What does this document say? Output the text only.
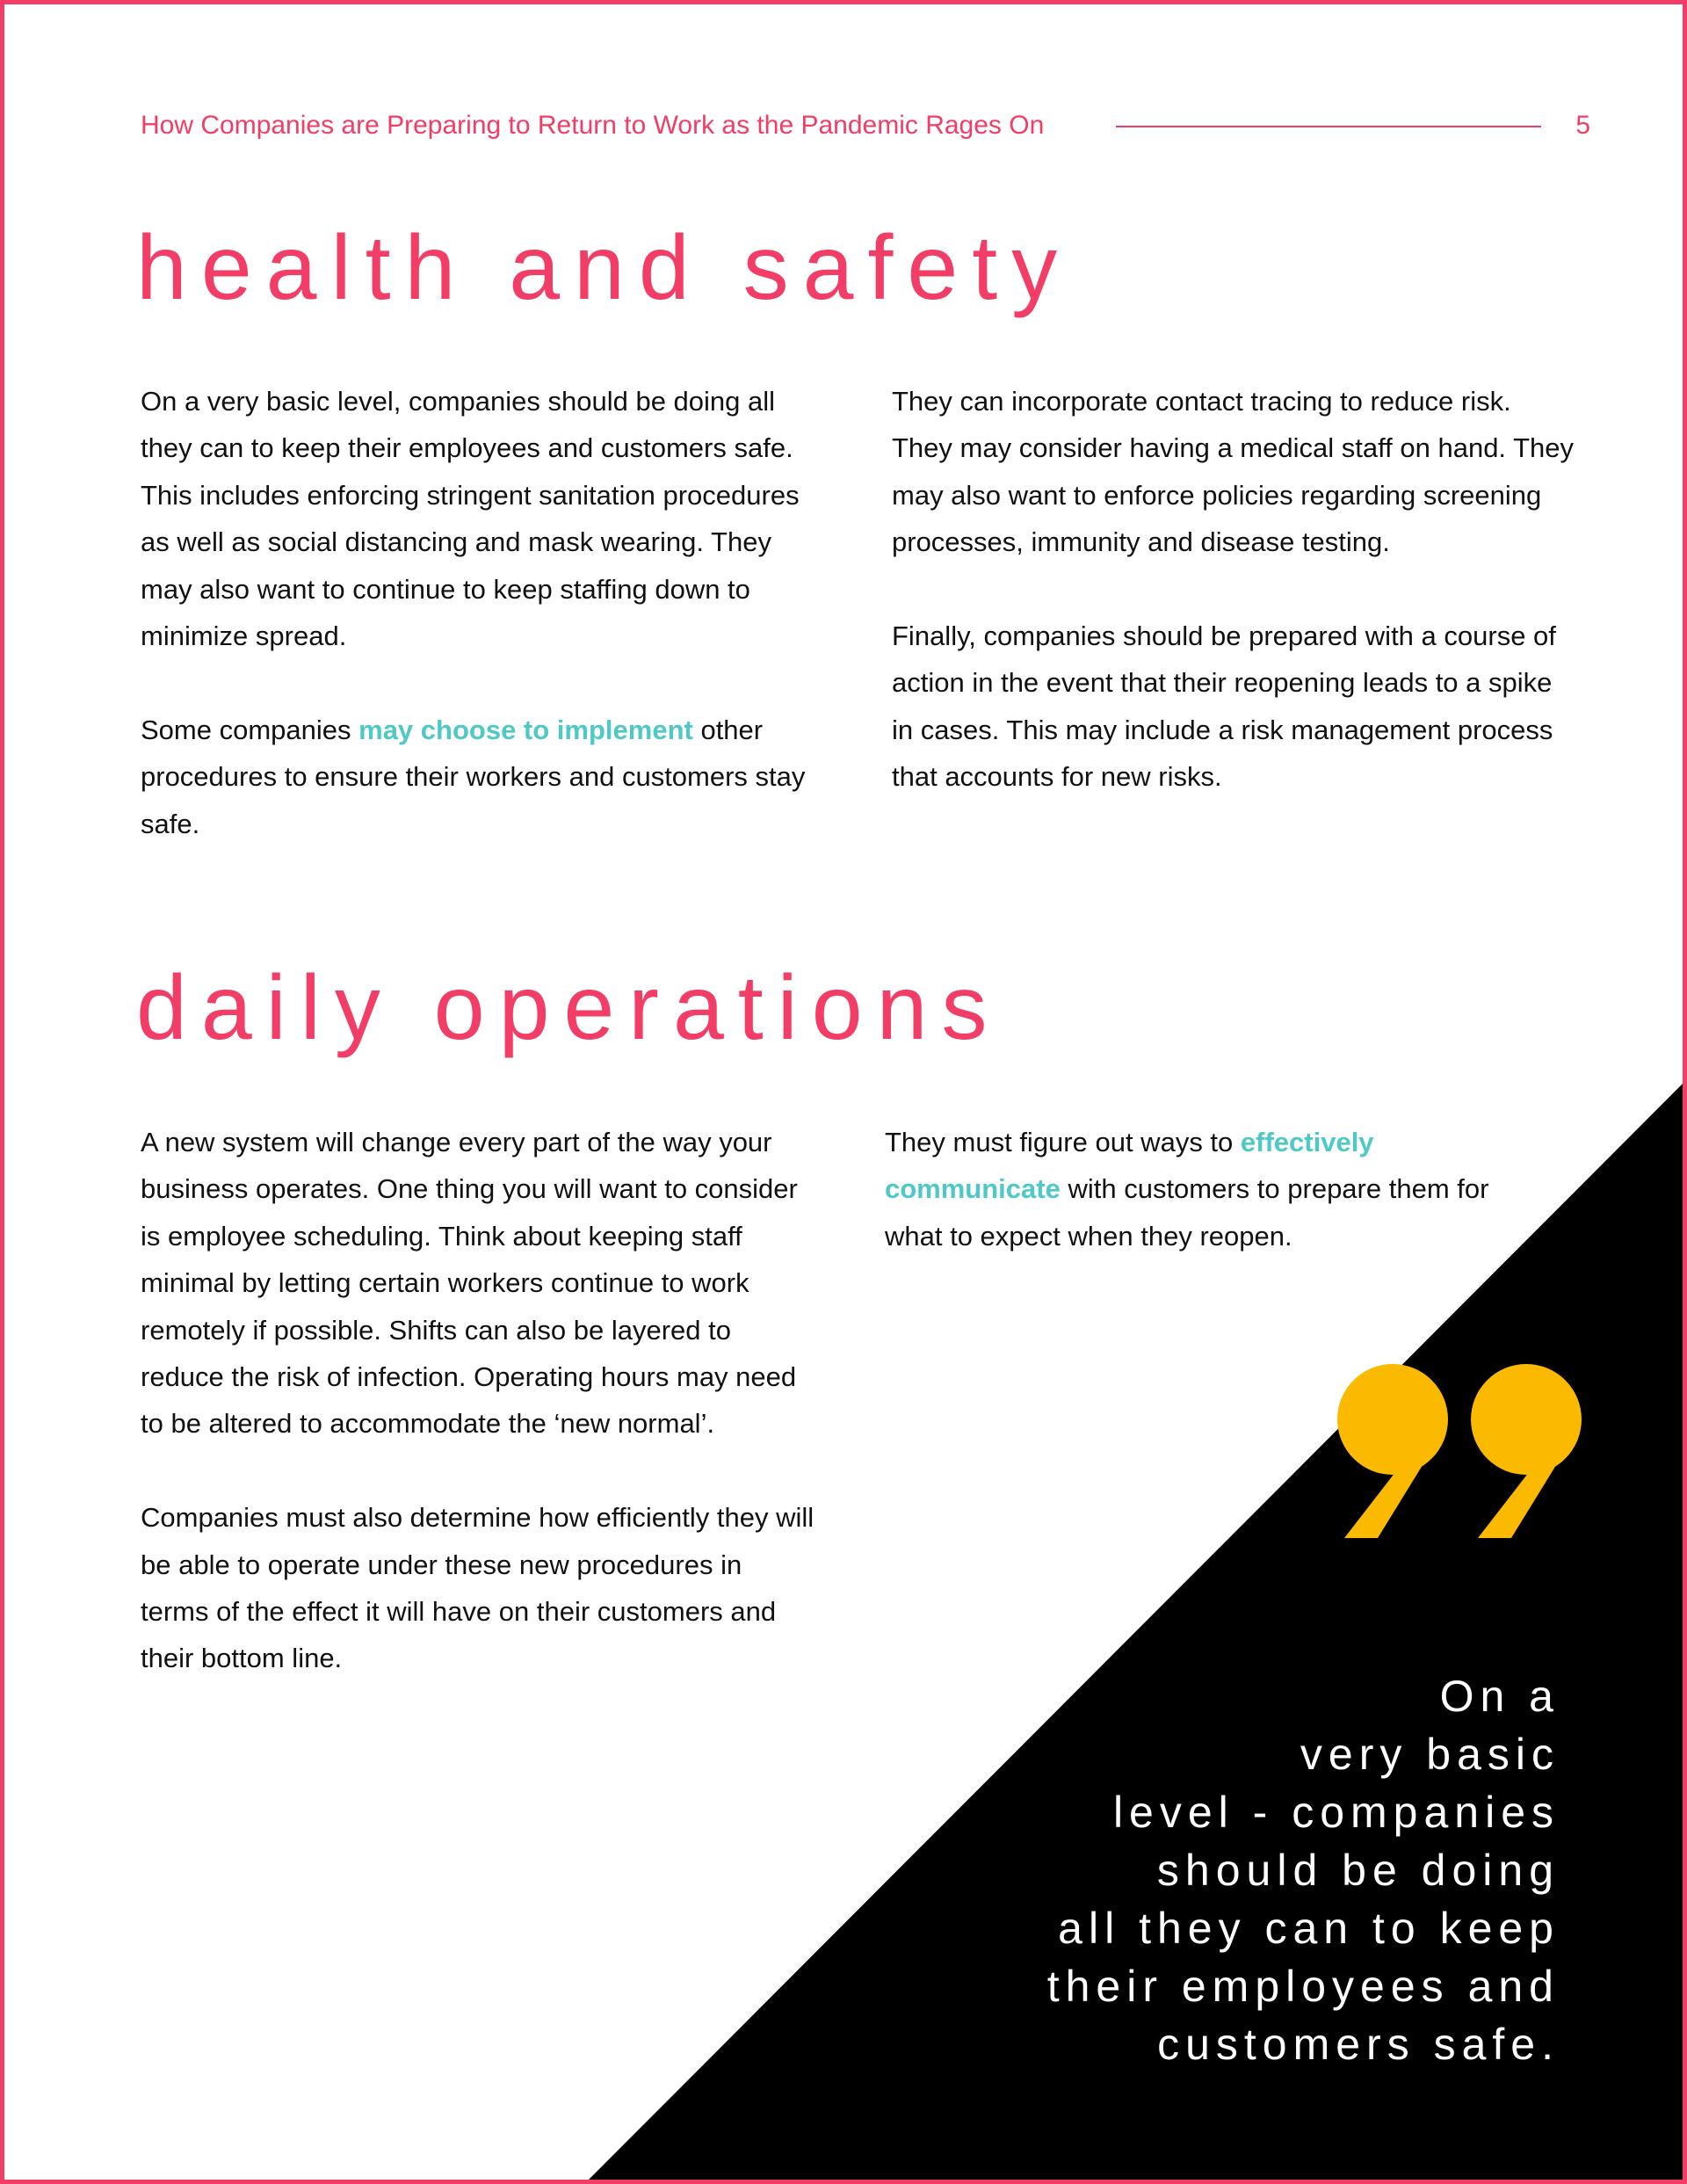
How Companies are Preparing to Return to Work as the Pandemic Rages On	5
health and safety

On a very basic level, companies should be doing all they can to keep their employees and customers safe. This includes enforcing stringent sanitation procedures as well as social distancing and mask wearing. They may also want to continue to keep staffing down to minimize spread.

Some companies may choose to implement other procedures to ensure their workers and customers stay safe.

They can incorporate contact tracing to reduce risk. They may consider having a medical staff on hand. They may also want to enforce policies regarding screening processes, immunity and disease testing.

Finally, companies should be prepared with a course of action in the event that their reopening leads to a spike in cases. This may include a risk management process that accounts for new risks.

daily operations

A new system will change every part of the way your business operates. One thing you will want to consider is employee scheduling. Think about keeping staff minimal by letting certain workers continue to work remotely if possible. Shifts can also be layered to reduce the risk of infection. Operating hours may need to be altered to accommodate the ‘new normal’.

Companies must also determine how efficiently they will be able to operate under these new procedures in terms of the effect it will have on their customers and their bottom line.

They must figure out ways to effectively communicate with customers to prepare them for what to expect when they reopen.

On a
very basic
level - companies
should be doing
all they can to keep
their employees and
customers safe.
